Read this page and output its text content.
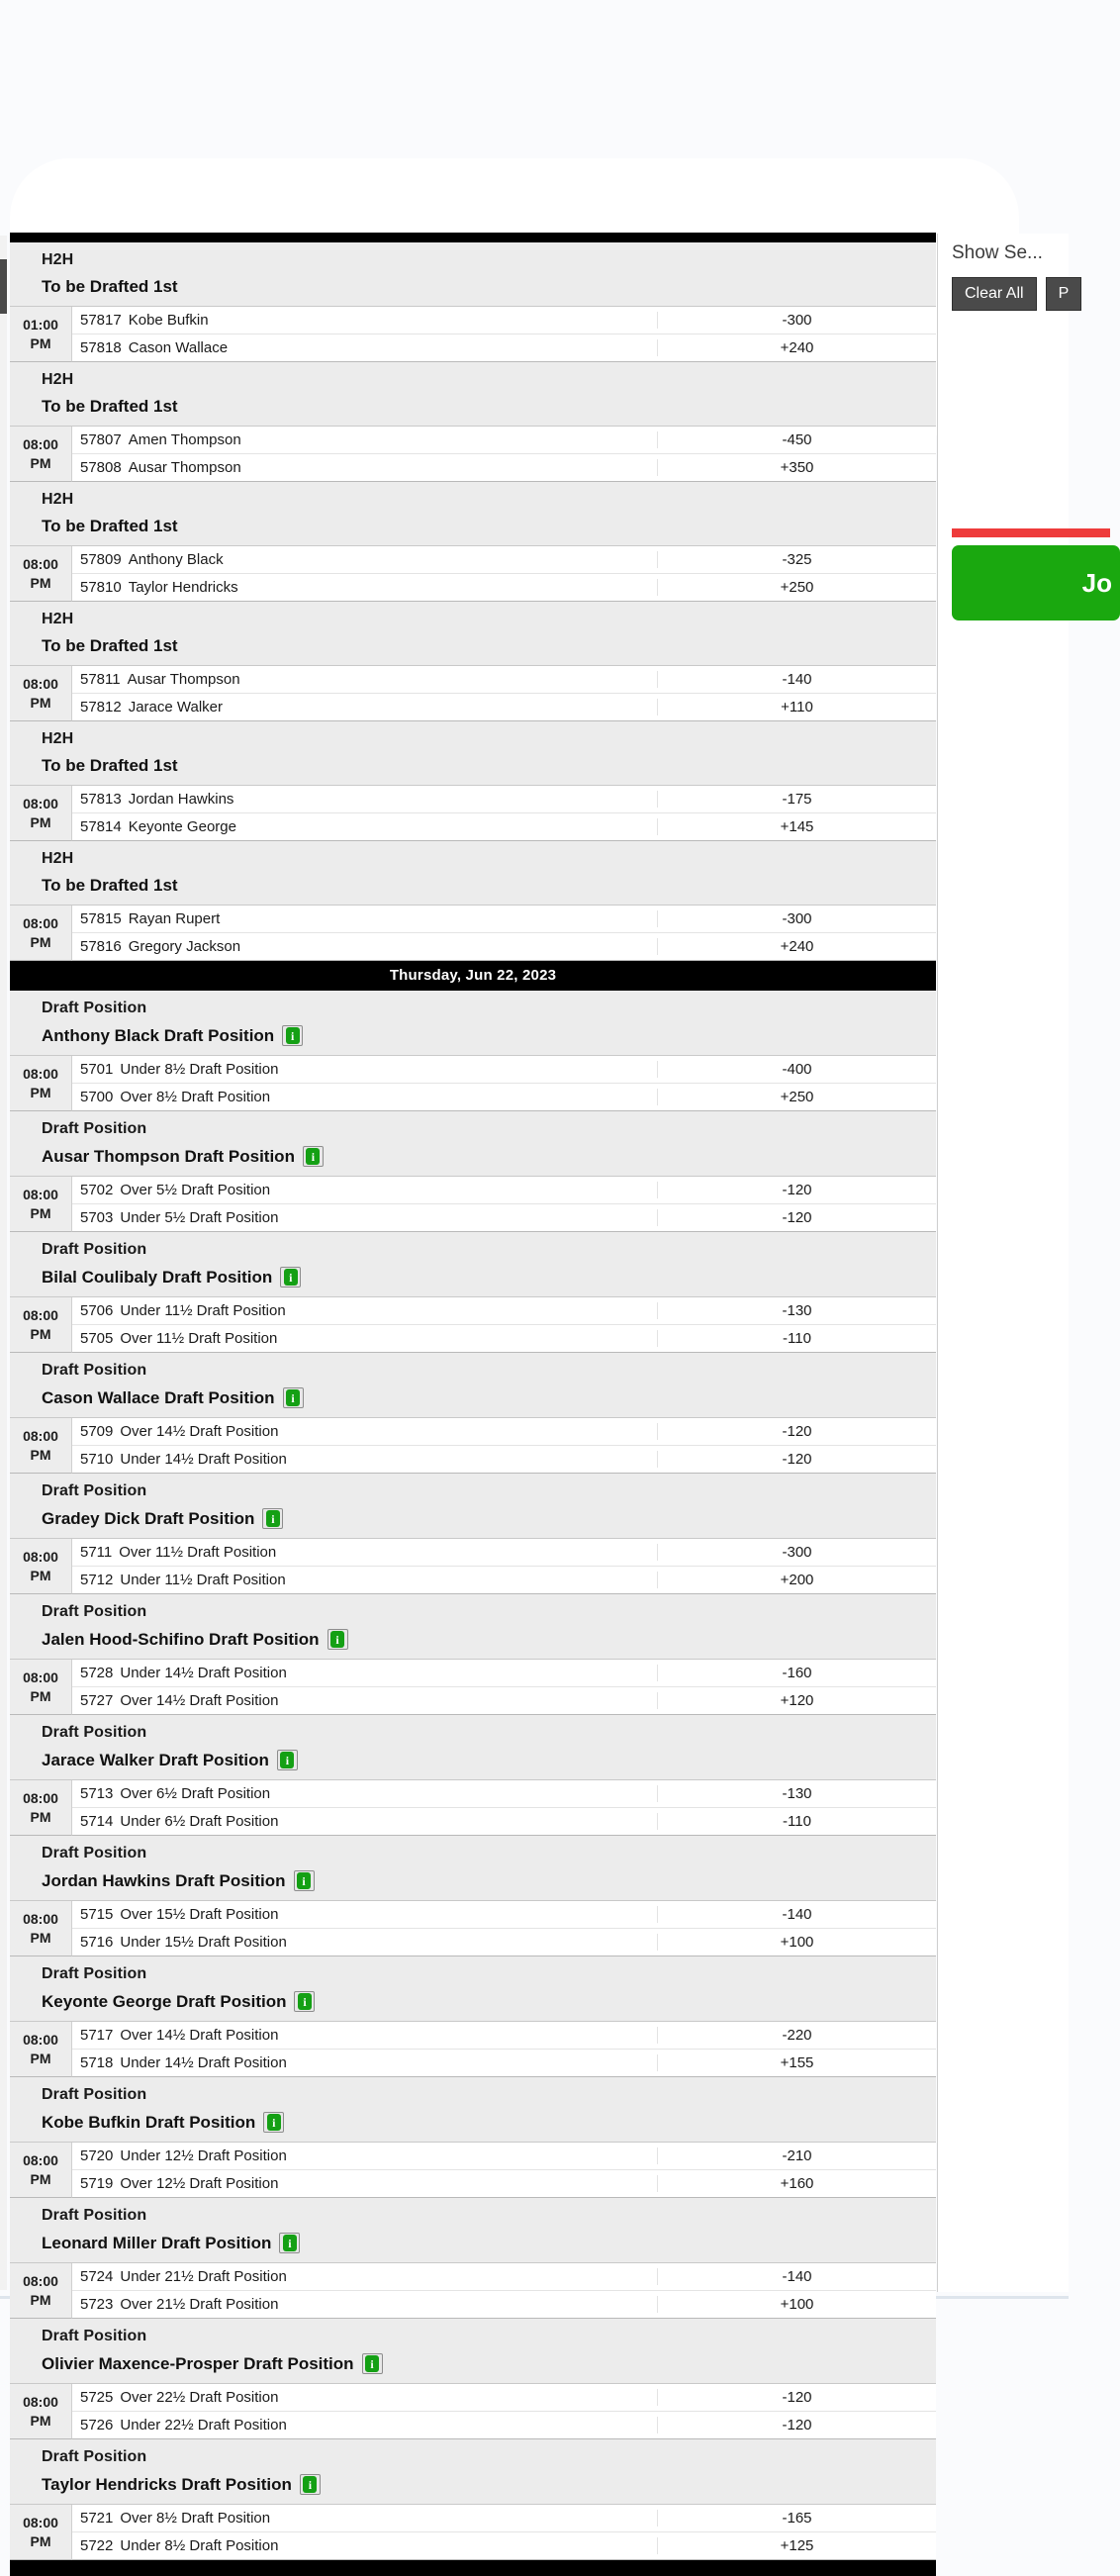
H2H
To be Drafted 1st
01:00
PM
57817 Kobe Bufkin	-300
57818 Cason Wallace	+240
H2H
To be Drafted 1st
08:00
PM
57807 Amen Thompson	-450
57808 Ausar Thompson	+350
H2H
To be Drafted 1st
08:00
PM
57809 Anthony Black	-325
57810 Taylor Hendricks	+250
H2H
To be Drafted 1st
08:00
PM
57811 Ausar Thompson	-140
57812 Jarace Walker	+110
H2H
To be Drafted 1st
08:00
PM
57813 Jordan Hawkins	-175
57814 Keyonte George	+145
H2H
To be Drafted 1st
08:00
PM
57815 Rayan Rupert	-300
57816 Gregory Jackson	+240
Thursday, Jun 22, 2023
Draft Position
Anthony Black Draft Position	i
08:00
PM
5701 Under 8½ Draft Position	-400
5700 Over 8½ Draft Position	+250
Draft Position
Ausar Thompson Draft Position	i
08:00
PM
5702 Over 5½ Draft Position	-120
5703 Under 5½ Draft Position	-120
Draft Position
Bilal Coulibaly Draft Position	i
08:00
PM
5706 Under 11½ Draft Position	-130
5705 Over 11½ Draft Position	-110
Draft Position
Cason Wallace Draft Position	i
08:00
PM
5709 Over 14½ Draft Position	-120
5710 Under 14½ Draft Position	-120
Draft Position
Gradey Dick Draft Position	i
08:00
PM
5711 Over 11½ Draft Position	-300
5712 Under 11½ Draft Position	+200
Draft Position
Jalen Hood-Schifino Draft Position	i
08:00
PM
5728 Under 14½ Draft Position	-160
5727 Over 14½ Draft Position	+120
Draft Position
Jarace Walker Draft Position	i
08:00
PM
5713 Over 6½ Draft Position	-130
5714 Under 6½ Draft Position	-110
Draft Position
Jordan Hawkins Draft Position	i
08:00
PM
5715 Over 15½ Draft Position	-140
5716 Under 15½ Draft Position	+100
Draft Position
Keyonte George Draft Position	i
08:00
PM
5717 Over 14½ Draft Position	-220
5718 Under 14½ Draft Position	+155
Draft Position
Kobe Bufkin Draft Position	i
08:00
PM
5720 Under 12½ Draft Position	-210
5719 Over 12½ Draft Position	+160
Draft Position
Leonard Miller Draft Position	i
08:00
PM
5724 Under 21½ Draft Position	-140
5723 Over 21½ Draft Position	+100
Draft Position
Olivier Maxence-Prosper Draft Position	i
08:00
PM
5725 Over 22½ Draft Position	-120
5726 Under 22½ Draft Position	-120
Draft Position
Taylor Hendricks Draft Position	i
08:00
PM
5721 Over 8½ Draft Position	-165
5722 Under 8½ Draft Position	+125
Show Se...
Clear All	P
Jo
